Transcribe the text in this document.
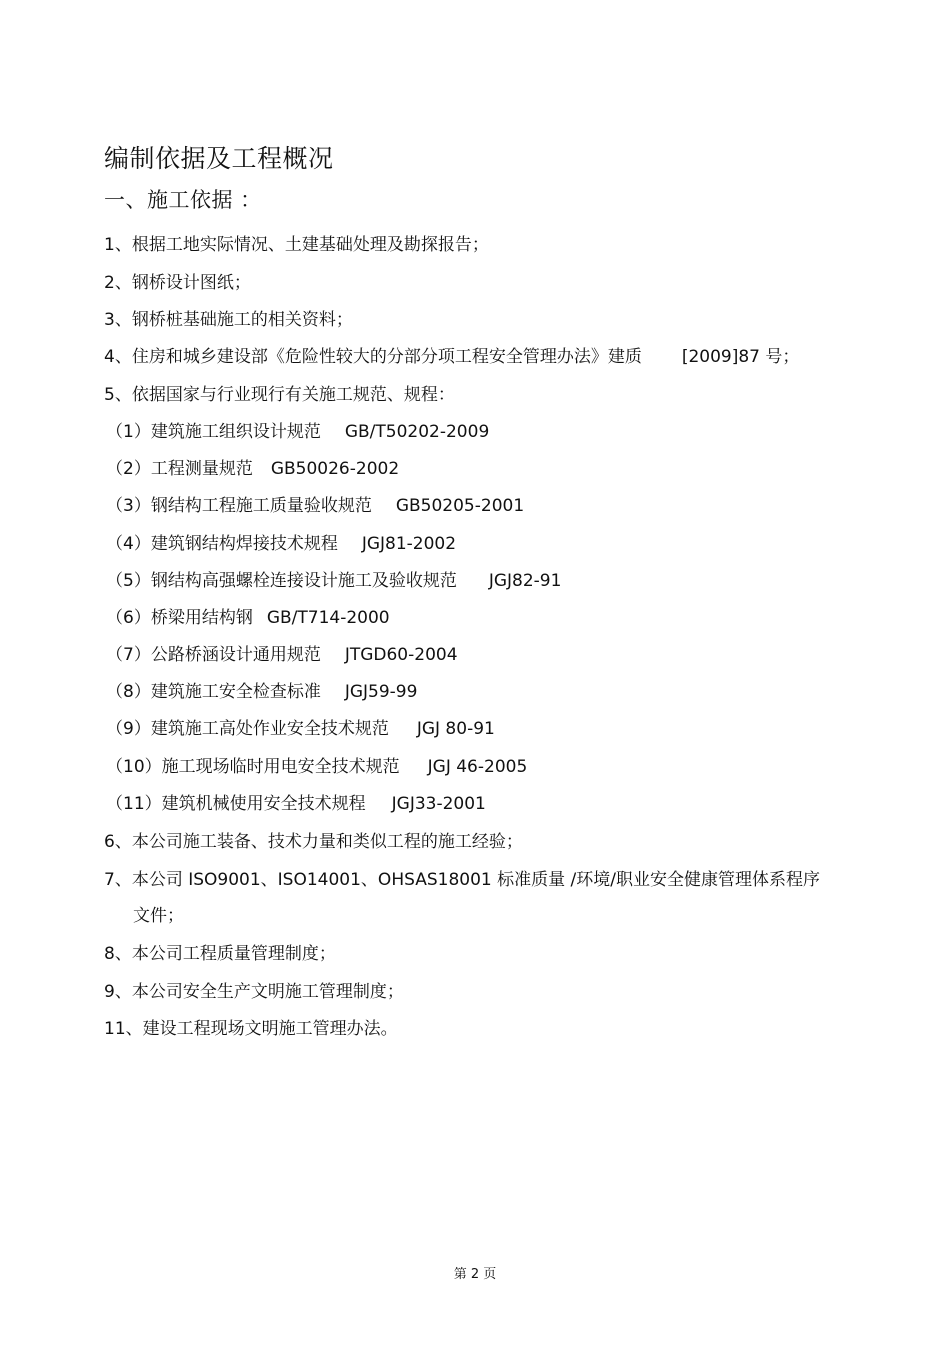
编制依据及工程概况
一、施工依据 ：
1、根据工地实际情况、土建基础处理及勘探报告；
2、钢桥设计图纸；
3、钢桥桩基础施工的相关资料；
4、住房和城乡建设部《危险性较大的分部分项工程安全管理办法》建质 [2009]87 号；
5、依据国家与行业现行有关施工规范、规程：
（1）建筑施工组织设计规范 GB/T50202-2009
（2）工程测量规范 GB50026-2002
（3）钢结构工程施工质量验收规范 GB50205-2001
（4）建筑钢结构焊接技术规程 JGJ81-2002
（5）钢结构高强螺栓连接设计施工及验收规范 JGJ82-91
（6）桥梁用结构钢 GB/T714-2000
（7）公路桥涵设计通用规范 JTGD60-2004
（8）建筑施工安全检查标准 JGJ59-99
（9）建筑施工高处作业安全技术规范 JGJ 80-91
（10）施工现场临时用电安全技术规范 JGJ 46-2005
（11）建筑机械使用安全技术规程 JGJ33-2001
6、本公司施工装备、技术力量和类似工程的施工经验；
7、本公司 ISO9001、ISO14001、OHSAS18001 标准质量 /环境/职业安全健康管理体系程序
文件；
8、本公司工程质量管理制度；
9、本公司安全生产文明施工管理制度；
11、建设工程现场文明施工管理办法。
第 2 页
